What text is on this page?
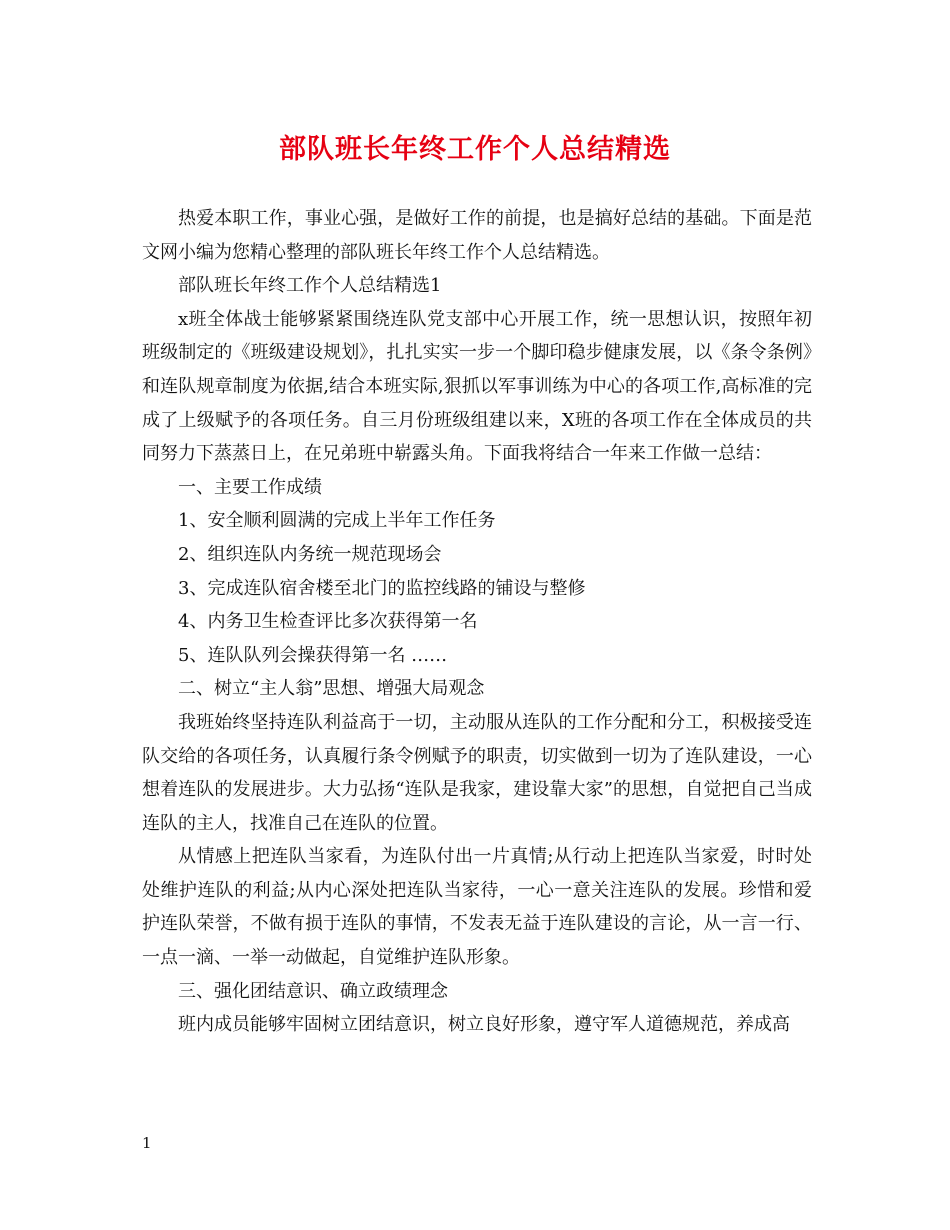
部队班长年终工作个人总结精选

热爱本职工作，事业心强，是做好工作的前提，也是搞好总结的基础。下面是范文网小编为您精心整理的部队班长年终工作个人总结精选。

部队班长年终工作个人总结精选1

x班全体战士能够紧紧围绕连队党支部中心开展工作，统一思想认识，按照年初班级制定的《班级建设规划》，扎扎实实一步一个脚印稳步健康发展，以《条令条例》和连队规章制度为依据,结合本班实际,狠抓以军事训练为中心的各项工作,高标准的完成了上级赋予的各项任务。自三月份班级组建以来，X班的各项工作在全体成员的共同努力下蒸蒸日上，在兄弟班中崭露头角。下面我将结合一年来工作做一总结：

一、主要工作成绩

1、安全顺利圆满的完成上半年工作任务

2、组织连队内务统一规范现场会

3、完成连队宿舍楼至北门的监控线路的铺设与整修

4、内务卫生检查评比多次获得第一名

5、连队队列会操获得第一名 ……

二、树立“主人翁”思想、增强大局观念

我班始终坚持连队利益高于一切，主动服从连队的工作分配和分工，积极接受连队交给的各项任务，认真履行条令例赋予的职责，切实做到一切为了连队建设，一心想着连队的发展进步。大力弘扬“连队是我家，建设靠大家”的思想，自觉把自己当成连队的主人，找准自己在连队的位置。

从情感上把连队当家看，为连队付出一片真情;从行动上把连队当家爱，时时处处维护连队的利益;从内心深处把连队当家待，一心一意关注连队的发展。珍惜和爱护连队荣誉，不做有损于连队的事情，不发表无益于连队建设的言论，从一言一行、一点一滴、一举一动做起，自觉维护连队形象。

三、强化团结意识、确立政绩理念

班内成员能够牢固树立团结意识，树立良好形象，遵守军人道德规范，养成高

1
